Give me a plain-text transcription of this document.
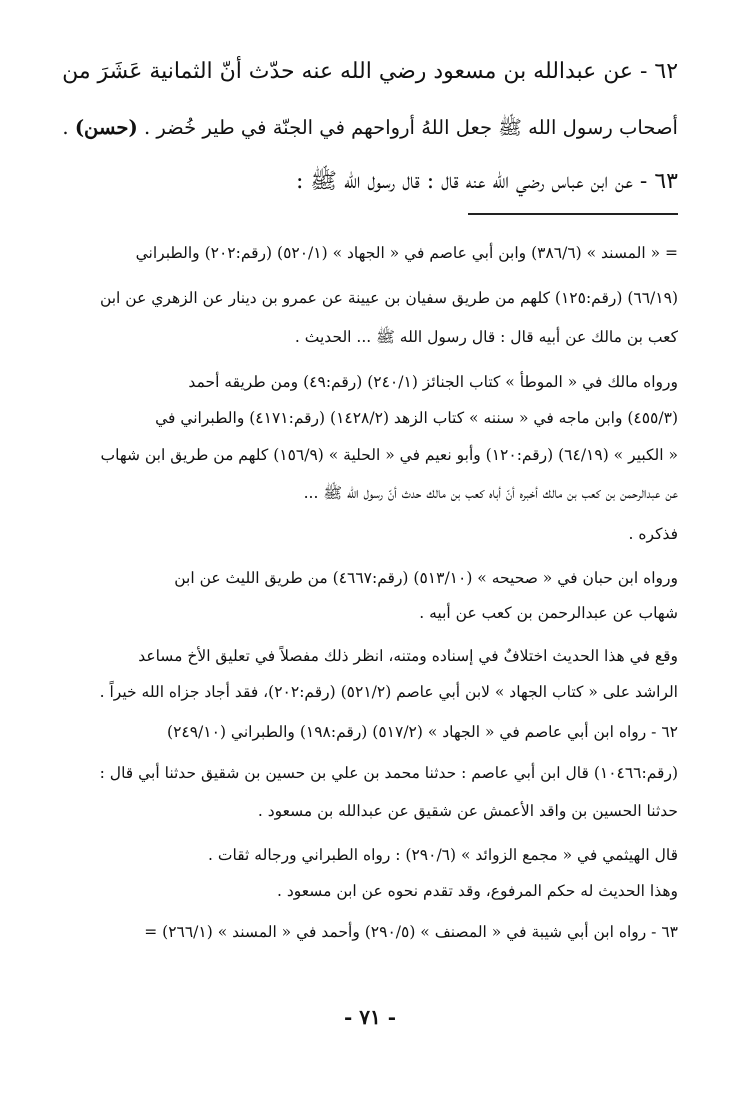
٦٢ - عن عبدالله بن مسعود رضي الله عنه حدّث أنّ الثمانية عَشَرَ من
أصحاب رسول الله ﷺ جعل اللهُ أرواحهم في الجنّة في طير خُضر . (حسن) .
٦٣ - عن ابن عباس رضي الله عنه قال : قال رسول الله ﷺ :
= « المسند » (٣٨٦/٦) وابن أبي عاصم في « الجهاد » (٥٢٠/١) (رقم:٢٠٢) والطبراني
(٦٦/١٩) (رقم:١٢٥) كلهم من طريق سفيان بن عيينة عن عمرو بن دينار عن الزهري عن ابن
كعب بن مالك عن أبيه قال : قال رسول الله ﷺ ... الحديث .
ورواه مالك في « الموطأ » كتاب الجنائز (٢٤٠/١) (رقم:٤٩) ومن طريقه أحمد
(٤٥٥/٣) وابن ماجه في « سننه » كتاب الزهد (١٤٢٨/٢) (رقم:٤١٧١) والطبراني في
« الكبير » (٦٤/١٩) (رقم:١٢٠) وأبو نعيم في « الحلية » (١٥٦/٩) كلهم من طريق ابن شهاب
عن عبدالرحمن بن كعب بن مالك أخبره أنّ أباه كعب بن مالك حدث أنّ رسول الله ﷺ ...
فذكره .
ورواه ابن حبان في « صحيحه » (٥١٣/١٠) (رقم:٤٦٦٧) من طريق الليث عن ابن
شهاب عن عبدالرحمن بن كعب عن أبيه .
وقع في هذا الحديث اختلافٌ في إسناده ومتنه، انظر ذلك مفصلاً في تعليق الأخ مساعد
الراشد على « كتاب الجهاد » لابن أبي عاصم (٥٢١/٢) (رقم:٢٠٢)، فقد أجاد جزاه الله خيراً .
٦٢ - رواه ابن أبي عاصم في « الجهاد » (٥١٧/٢) (رقم:١٩٨) والطبراني (٢٤٩/١٠)
(رقم:١٠٤٦٦) قال ابن أبي عاصم : حدثنا محمد بن علي بن حسين بن شقيق حدثنا أبي قال :
حدثنا الحسين بن واقد الأعمش عن شقيق عن عبدالله بن مسعود .
قال الهيثمي في « مجمع الزوائد » (٢٩٠/٦) : رواه الطبراني ورجاله ثقات .
وهذا الحديث له حكم المرفوع، وقد تقدم نحوه عن ابن مسعود .
٦٣ - رواه ابن أبي شيبة في « المصنف » (٢٩٠/٥) وأحمد في « المسند » (٢٦٦/١) =
- ٧١ -
